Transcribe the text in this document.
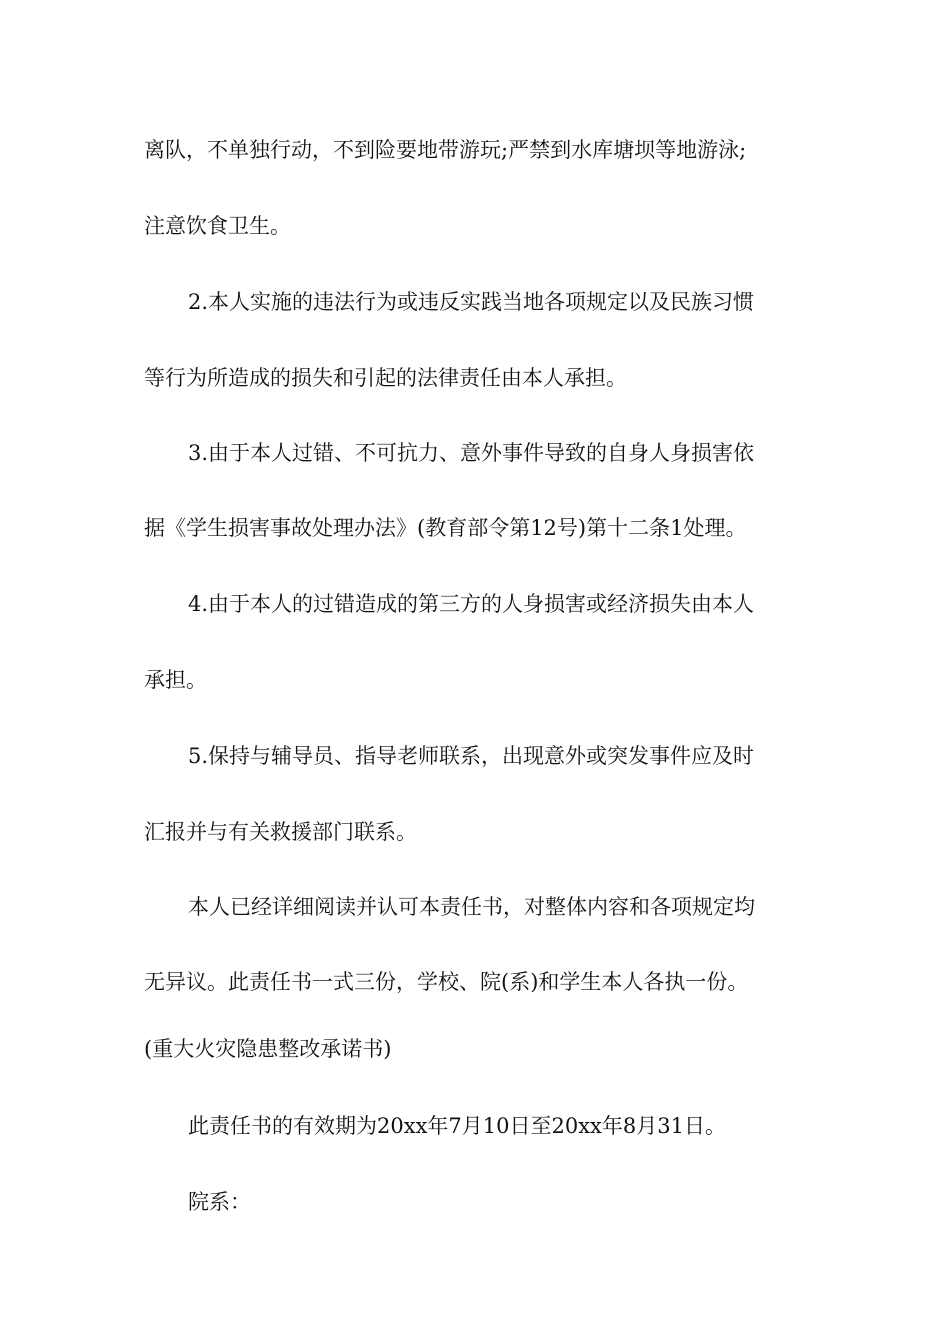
离队，不单独行动，不到险要地带游玩;严禁到水库塘坝等地游泳;
注意饮食卫生。
2.本人实施的违法行为或违反实践当地各项规定以及民族习惯
等行为所造成的损失和引起的法律责任由本人承担。
3.由于本人过错、不可抗力、意外事件导致的自身人身损害依
据《学生损害事故处理办法》(教育部令第12号)第十二条1处理。
4.由于本人的过错造成的第三方的人身损害或经济损失由本人
承担。
5.保持与辅导员、指导老师联系，出现意外或突发事件应及时
汇报并与有关救援部门联系。
本人已经详细阅读并认可本责任书，对整体内容和各项规定均
无异议。此责任书一式三份，学校、院(系)和学生本人各执一份。
(重大火灾隐患整改承诺书)
此责任书的有效期为20xx年7月10日至20xx年8月31日。
院系：
